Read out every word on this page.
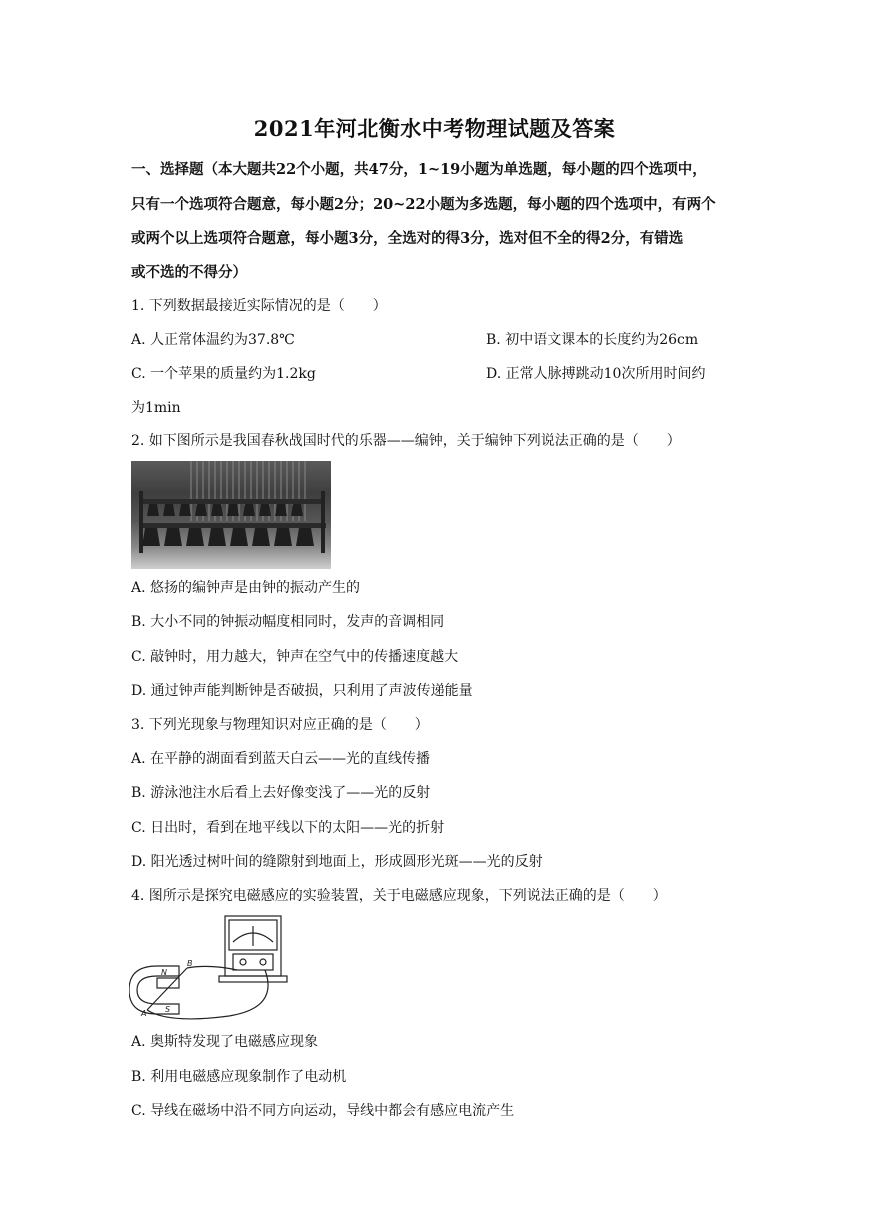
2021年河北衡水中考物理试题及答案
一、选择题（本大题共22个小题，共47分，1~19小题为单选题，每小题的四个选项中，
只有一个选项符合题意，每小题2分；20~22小题为多选题，每小题的四个选项中，有两个
或两个以上选项符合题意，每小题3分，全选对的得3分，选对但不全的得2分，有错选
或不选的不得分）
1. 下列数据最接近实际情况的是（　　）
A. 人正常体温约为37.8℃	B. 初中语文课本的长度约为26cm
C. 一个苹果的质量约为1.2kg	D. 正常人脉搏跳动10次所用时间约
为1min
2. 如下图所示是我国春秋战国时代的乐器——编钟，关于编钟下列说法正确的是（　　）
A. 悠扬的编钟声是由钟的振动产生的
B. 大小不同的钟振动幅度相同时，发声的音调相同
C. 敲钟时，用力越大，钟声在空气中的传播速度越大
D. 通过钟声能判断钟是否破损，只利用了声波传递能量
3. 下列光现象与物理知识对应正确的是（　　）
A. 在平静的湖面看到蓝天白云——光的直线传播
B. 游泳池注水后看上去好像变浅了——光的反射
C. 日出时，看到在地平线以下的太阳——光的折射
D. 阳光透过树叶间的缝隙射到地面上，形成圆形光斑——光的反射
4. 图所示是探究电磁感应的实验装置，关于电磁感应现象，下列说法正确的是（　　）
N
S
A
B
A. 奥斯特发现了电磁感应现象
B. 利用电磁感应现象制作了电动机
C. 导线在磁场中沿不同方向运动，导线中都会有感应电流产生
